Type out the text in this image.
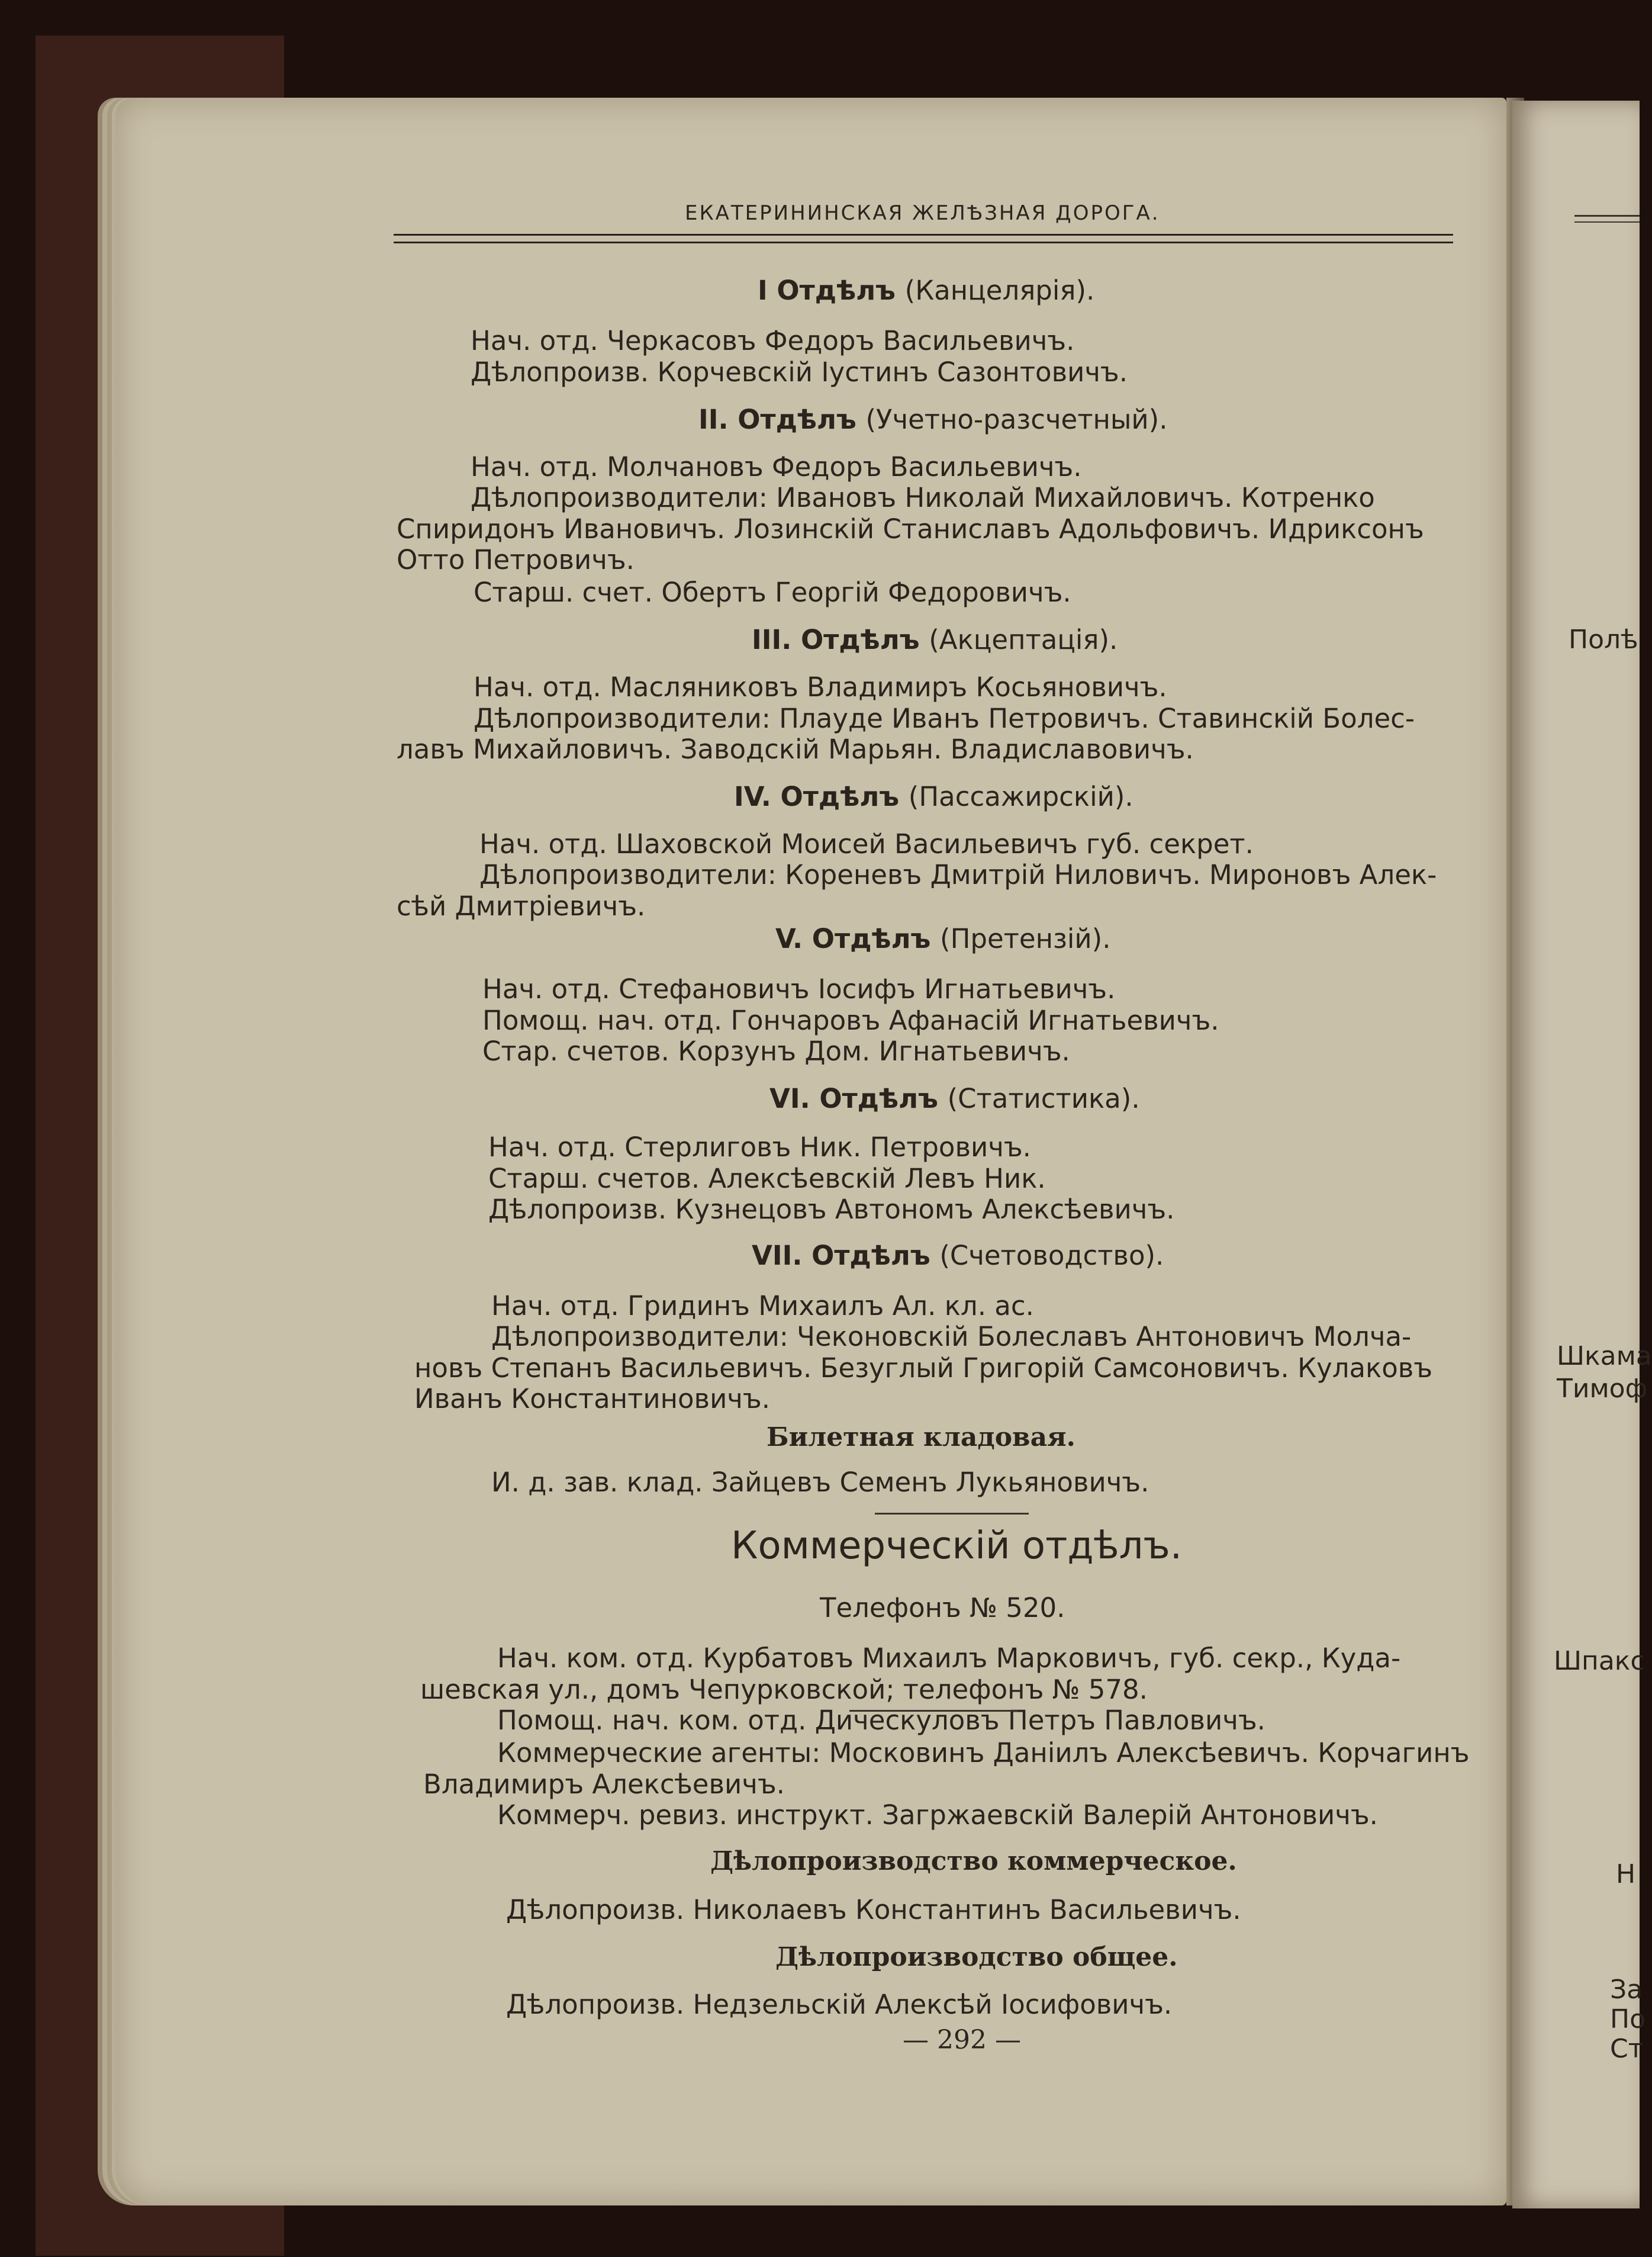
Полѣ
Шкама
Тимоф
Шпакс
Н
За
По
Ст
ЕКАТЕРИНИНСКАЯ ЖЕЛѢЗНАЯ ДОРОГА.
I Отдѣлъ (Канцелярія).
Нач. отд. Черкасовъ Федоръ Васильевичъ.
Дѣлопроизв. Корчевскій Іустинъ Сазонтовичъ.
II. Отдѣлъ (Учетно-разсчетный).
Нач. отд. Молчановъ Федоръ Васильевичъ.
Дѣлопроизводители: Ивановъ Николай Михайловичъ. Котренко
Спиридонъ Ивановичъ. Лозинскій Станиславъ Адольфовичъ. Идриксонъ
Отто Петровичъ.
Старш. счет. Обертъ Георгій Федоровичъ.
III. Отдѣлъ (Акцептація).
Нач. отд. Масляниковъ Владимиръ Косьяновичъ.
Дѣлопроизводители: Плауде Иванъ Петровичъ. Ставинскій Болес-
лавъ Михайловичъ. Заводскій Марьян. Владиславовичъ.
IV. Отдѣлъ (Пассажирскій).
Нач. отд. Шаховской Моисей Васильевичъ губ. секрет.
Дѣлопроизводители: Кореневъ Дмитрій Ниловичъ. Мироновъ Алек-
сѣй Дмитріевичъ.
V. Отдѣлъ (Претензій).
Нач. отд. Стефановичъ Іосифъ Игнатьевичъ.
Помощ. нач. отд. Гончаровъ Афанасій Игнатьевичъ.
Стар. счетов. Корзунъ Дом. Игнатьевичъ.
VI. Отдѣлъ (Статистика).
Нач. отд. Стерлиговъ Ник. Петровичъ.
Старш. счетов. Алексѣевскій Левъ Ник.
Дѣлопроизв. Кузнецовъ Автономъ Алексѣевичъ.
VII. Отдѣлъ (Счетоводство).
Нач. отд. Гридинъ Михаилъ Ал. кл. ас.
Дѣлопроизводители: Чеконовскій Болеславъ Антоновичъ Молча-
новъ Степанъ Васильевичъ. Безуглый Григорій Самсоновичъ. Кулаковъ
Иванъ Константиновичъ.
Билетная кладовая.
И. д. зав. клад. Зайцевъ Семенъ Лукьяновичъ.
Коммерческій отдѣлъ.
Телефонъ № 520.
Нач. ком. отд. Курбатовъ Михаилъ Марковичъ, губ. секр., Куда-
шевская ул., домъ Чепурковской; телефонъ № 578.
Помощ. нач. ком. отд. Дическуловъ Петръ Павловичъ.
Коммерческие агенты: Московинъ Даніилъ Алексѣевичъ. Корчагинъ
Владимиръ Алексѣевичъ.
Коммерч. ревиз. инструкт. Загржаевскій Валерій Антоновичъ.
Дѣлопроизводство коммерческое.
Дѣлопроизв. Николаевъ Константинъ Васильевичъ.
Дѣлопроизводство общее.
Дѣлопроизв. Недзельскій Алексѣй Іосифовичъ.
— 292 —
